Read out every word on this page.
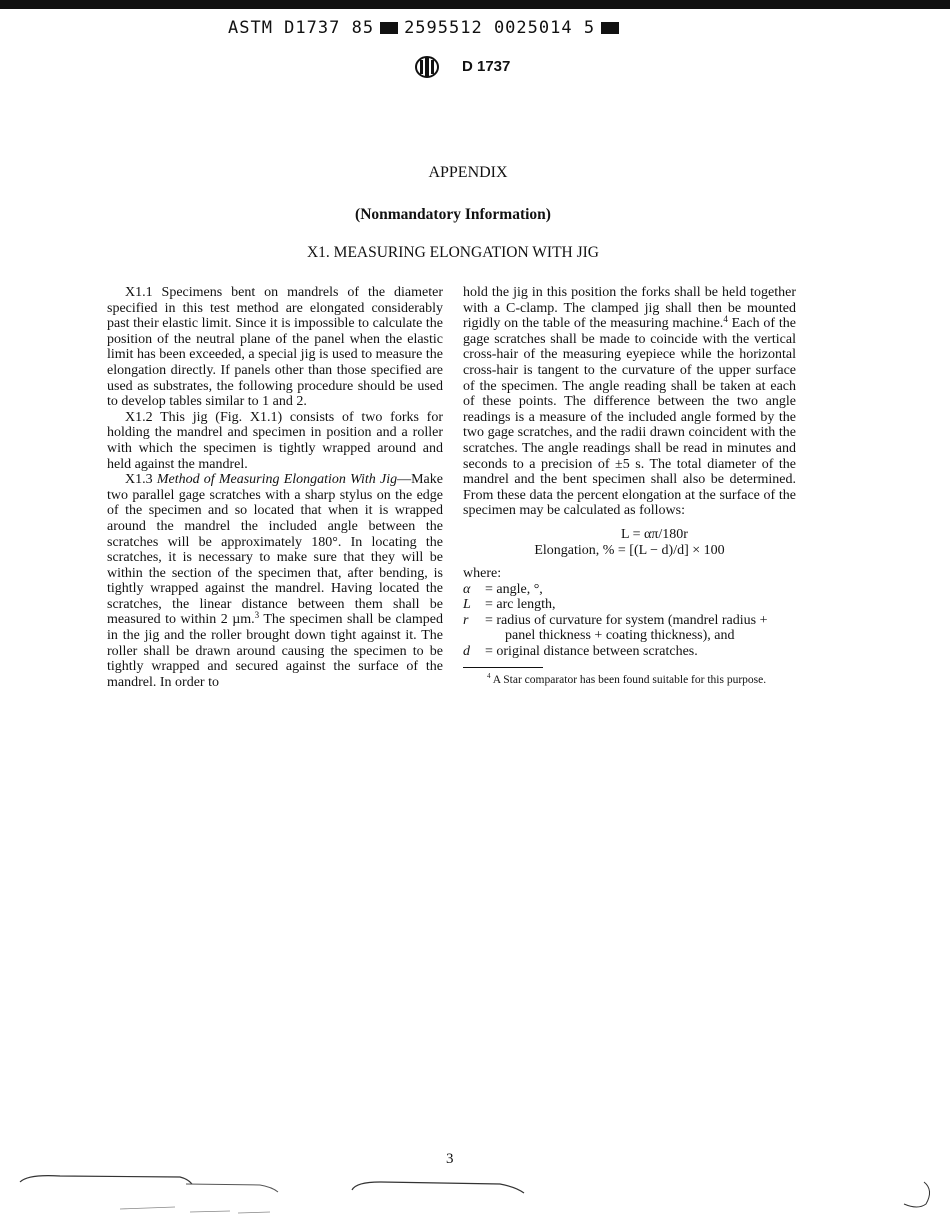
ASTM D1737 85 2595512 0025014 5
D 1737
APPENDIX
(Nonmandatory Information)
X1. MEASURING ELONGATION WITH JIG

X1.1 Specimens bent on mandrels of the diameter specified in this test method are elongated considerably past their elastic limit. Since it is impossible to calculate the position of the neutral plane of the panel when the elastic limit has been exceeded, a special jig is used to measure the elongation directly. If panels other than those specified are used as substrates, the following procedure should be used to develop tables similar to 1 and 2.

X1.2 This jig (Fig. X1.1) consists of two forks for holding the mandrel and specimen in position and a roller with which the specimen is tightly wrapped around and held against the mandrel.

X1.3 Method of Measuring Elongation With Jig—Make two parallel gage scratches with a sharp stylus on the edge of the specimen and so located that when it is wrapped around the mandrel the included angle between the scratches will be approximately 180°. In locating the scratches, it is necessary to make sure that they will be within the section of the specimen that, after bending, is tightly wrapped against the mandrel. Having located the scratches, the linear distance between them shall be measured to within 2 µm.$^3$ The specimen shall be clamped in the jig and the roller brought down tight against it. The roller shall be drawn around causing the specimen to be tightly wrapped and secured against the surface of the mandrel. In order to

hold the jig in this position the forks shall be held together with a C-clamp. The clamped jig shall then be mounted rigidly on the table of the measuring machine.$^4$ Each of the gage scratches shall be made to coincide with the vertical cross-hair of the measuring eyepiece while the horizontal cross-hair is tangent to the curvature of the upper surface of the specimen. The angle reading shall be taken at each of these points. The difference between the two angle readings is a measure of the included angle formed by the two gage scratches, and the radii drawn coincident with the scratches. The angle readings shall be read in minutes and seconds to a precision of ±5 s. The total diameter of the mandrel and the bent specimen shall also be determined. From these data the percent elongation at the surface of the specimen may be calculated as follows:

L = απ/180r
Elongation, % = [(L − d)/d] × 100
where:
α = angle, °,
L = arc length,
r = radius of curvature for system (mandrel radius +
panel thickness + coating thickness), and
d = original distance between scratches.
$^4$ A Star comparator has been found suitable for this purpose.
3
